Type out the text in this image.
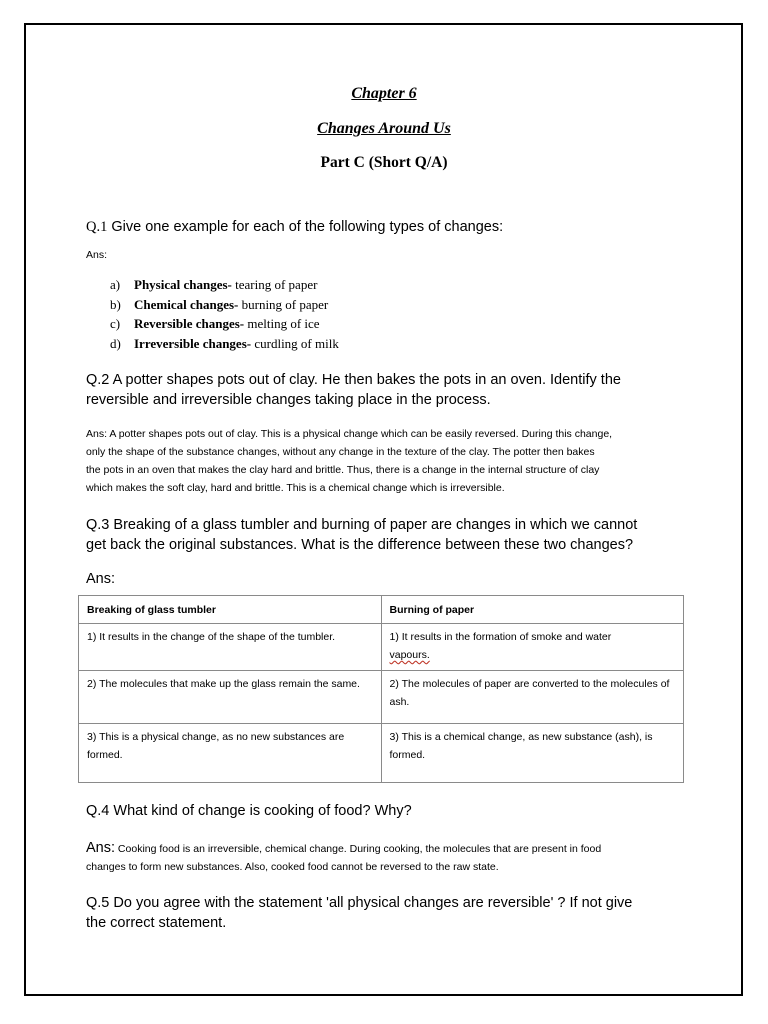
Chapter 6
Changes Around Us
Part C (Short Q/A)
Q.1 Give one example for each of the following types of changes:
Ans:
a) Physical changes- tearing of paper
b) Chemical changes- burning of paper
c) Reversible changes- melting of ice
d) Irreversible changes- curdling of milk
Q.2 A potter shapes pots out of clay. He then bakes the pots in an oven. Identify the
reversible and irreversible changes taking place in the process.
Ans: A potter shapes pots out of clay. This is a physical change which can be easily reversed. During this change,
only the shape of the substance changes, without any change in the texture of the clay. The potter then bakes
the pots in an oven that makes the clay hard and brittle. Thus, there is a change in the internal structure of clay
which makes the soft clay, hard and brittle. This is a chemical change which is irreversible.
Q.3 Breaking of a glass tumbler and burning of paper are changes in which we cannot
get back the original substances. What is the difference between these two changes?
Ans:
Breaking of glass tumbler	Burning of paper
1) It results in the change of the shape of the tumbler.	1) It results in the formation of smoke and water
vapours.
2) The molecules that make up the glass remain the same.	2) The molecules of paper are converted to the molecules of ash.
3) This is a physical change, as no new substances are formed.	3) This is a chemical change, as new substance (ash), is formed.
Q.4 What kind of change is cooking of food? Why?
Ans: Cooking food is an irreversible, chemical change. During cooking, the molecules that are present in food
changes to form new substances. Also, cooked food cannot be reversed to the raw state.
Q.5 Do you agree with the statement 'all physical changes are reversible' ? If not give
the correct statement.
